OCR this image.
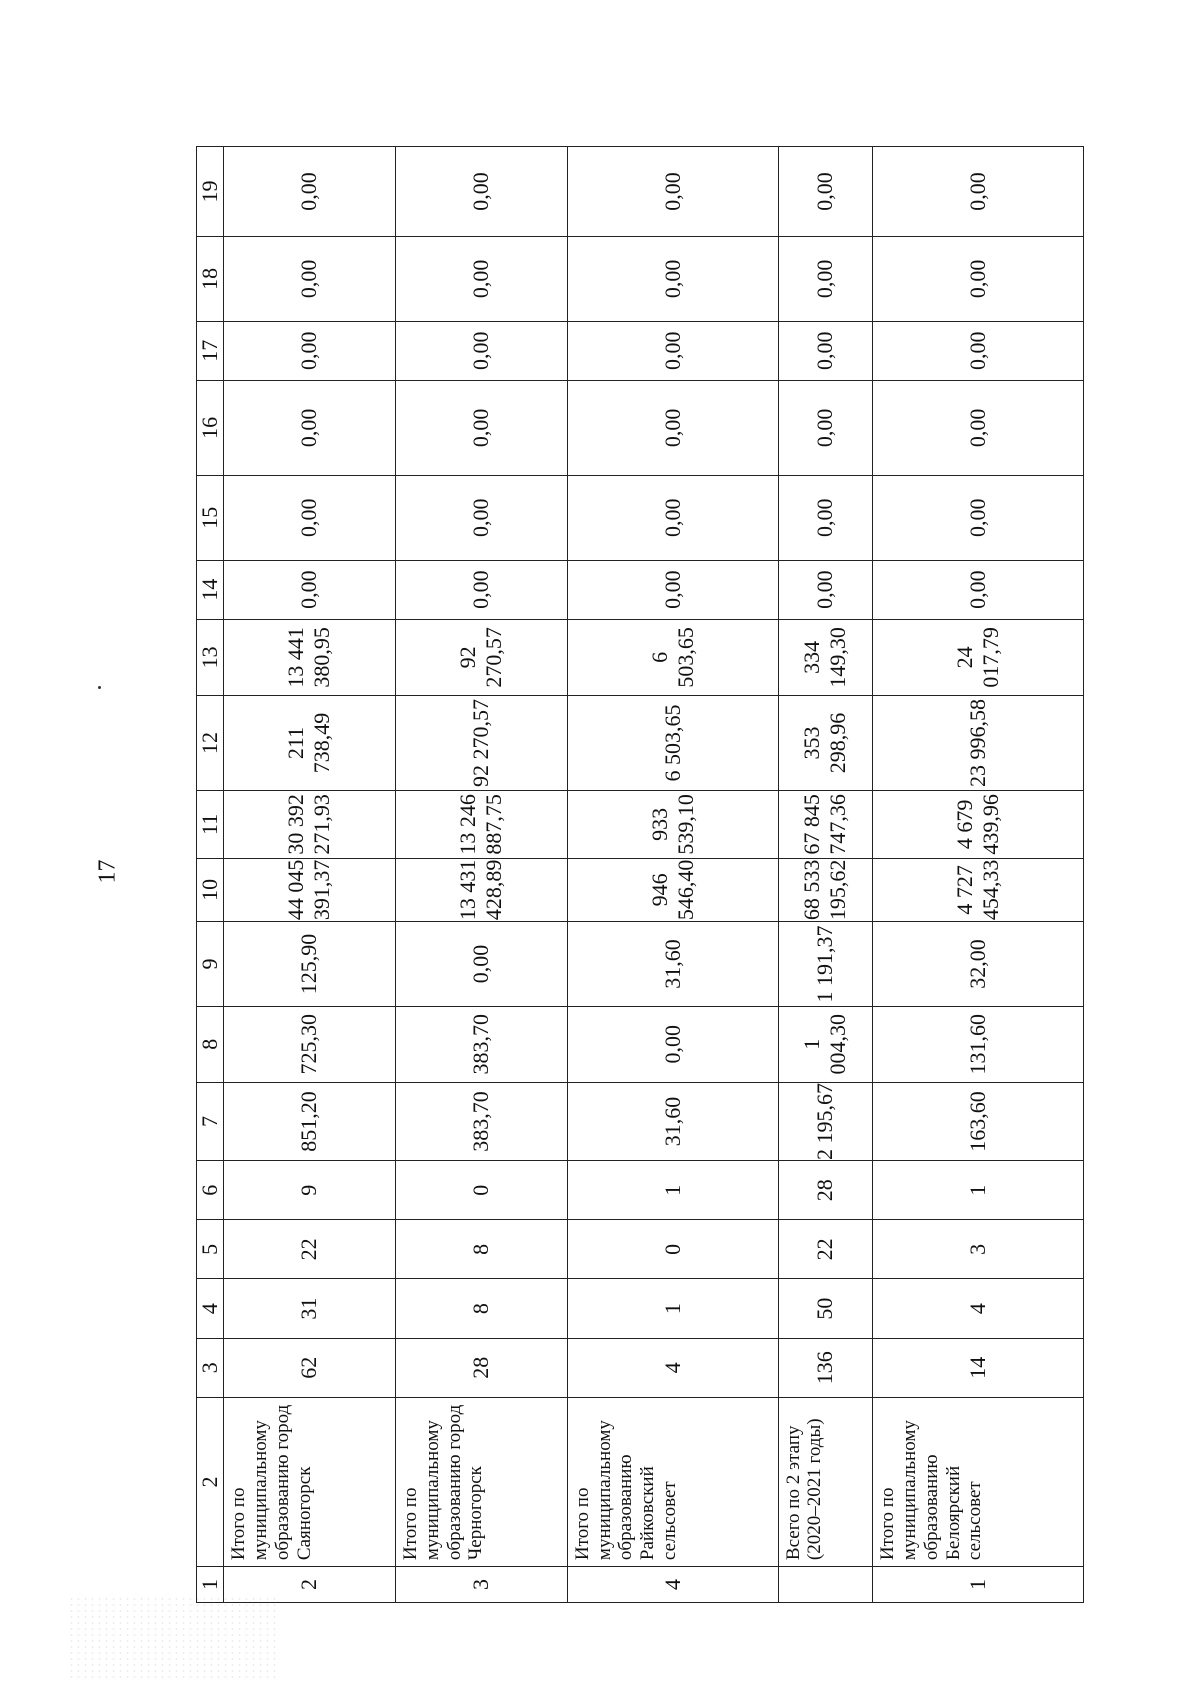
17
1	2	3	4	5	6	7	8	9	10	11	12	13	14	15	16	17	18	19
2	Итого по муниципальному образованию город Саяногорск	62	31	22	9	851,20	725,30	125,90	44 045 391,37	30 392 271,93	211 738,49	13 441 380,95	0,00	0,00	0,00	0,00	0,00	0,00
3	Итого по муниципальному образованию город Черногорск	28	8	8	0	383,70	383,70	0,00	13 431 428,89	13 246 887,75	92 270,57	92 270,57	0,00	0,00	0,00	0,00	0,00	0,00
4	Итого по муниципальному образованию Райковский сельсовет	4	1	0	1	31,60	0,00	31,60	946 546,40	933 539,10	6 503,65	6 503,65	0,00	0,00	0,00	0,00	0,00	0,00
	Всего по 2 этапу (2020–2021 годы)	136	50	22	28	2 195,67	1 004,30	1 191,37	68 533 195,62	67 845 747,36	353 298,96	334 149,30	0,00	0,00	0,00	0,00	0,00	0,00
1	Итого по муниципальному образованию Белоярский сельсовет	14	4	3	1	163,60	131,60	32,00	4 727 454,33	4 679 439,96	23 996,58	24 017,79	0,00	0,00	0,00	0,00	0,00	0,00
